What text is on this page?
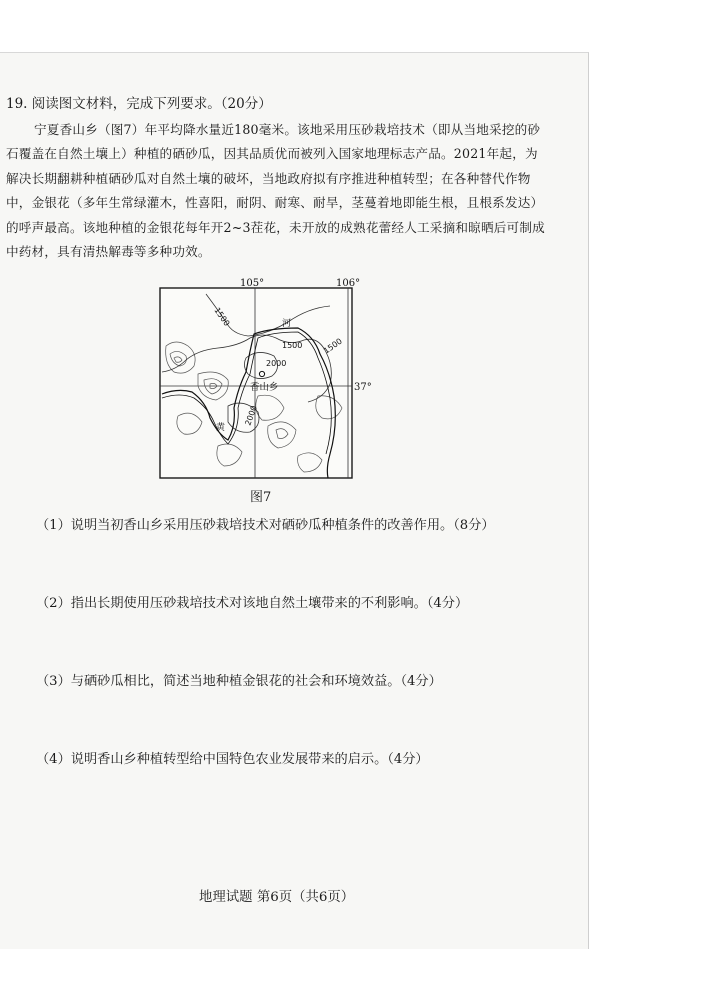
19. 阅读图文材料，完成下列要求。（20分）
宁夏香山乡（图7）年平均降水量近180毫米。该地采用压砂栽培技术（即从当地采挖的砂石覆盖在自然土壤上）种植的硒砂瓜，因其品质优而被列入国家地理标志产品。2021年起，为解决长期翻耕种植硒砂瓜对自然土壤的破坏，当地政府拟有序推进种植转型；在各种替代作物中，金银花（多年生常绿灌木，性喜阳，耐阴、耐寒、耐旱，茎蔓着地即能生根，且根系发达）的呼声最高。该地种植的金银花每年开2~3茬花，未开放的成熟花蕾经人工采摘和晾晒后可制成中药材，具有清热解毒等多种功效。
105°	106°
37°
1500
1500 1500
2000
2000
河
黄
香山乡
图7
（1）说明当初香山乡采用压砂栽培技术对硒砂瓜种植条件的改善作用。（8分）
（2）指出长期使用压砂栽培技术对该地自然土壤带来的不利影响。（4分）
（3）与硒砂瓜相比，简述当地种植金银花的社会和环境效益。（4分）
（4）说明香山乡种植转型给中国特色农业发展带来的启示。（4分）
地理试题 第6页（共6页）
